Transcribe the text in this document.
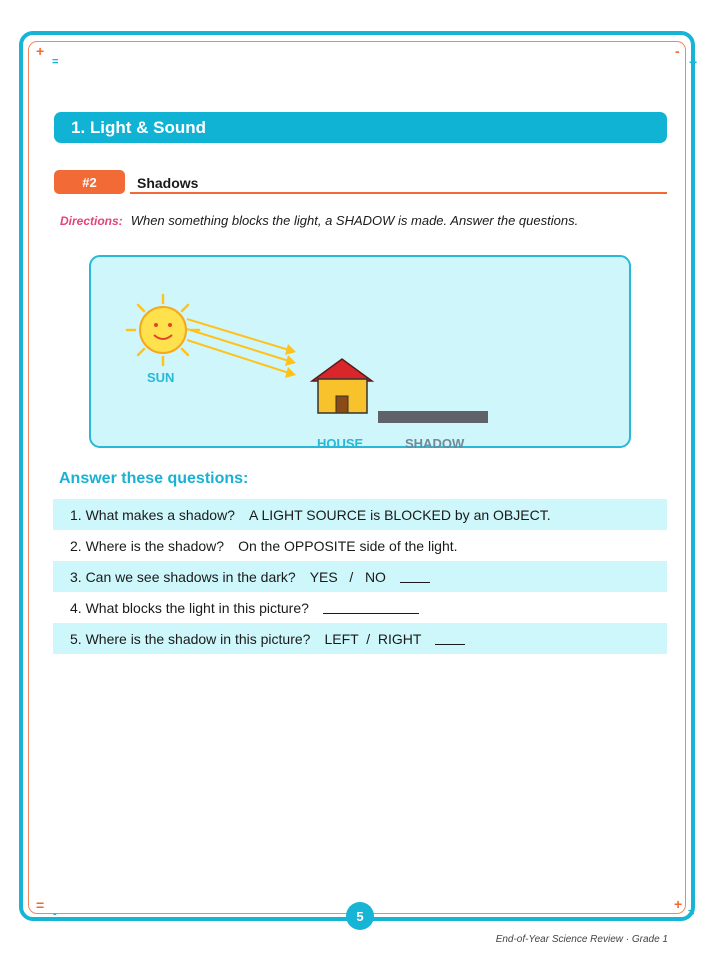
+
=
-
+
=
-
+
=
1. Light & Sound
#2	Shadows
Directions: When something blocks the light, a SHADOW is made. Answer the questions.
SUN
HOUSE	SHADOW
Answer these questions:
1. What makes a shadow? A LIGHT SOURCE is BLOCKED by an OBJECT.
2. Where is the shadow? On the OPPOSITE side of the light.
3. Can we see shadows in the dark? YES   /   NO
4. What blocks the light in this picture?
5. Where is the shadow in this picture? LEFT  /  RIGHT
5
End-of-Year Science Review · Grade 1
